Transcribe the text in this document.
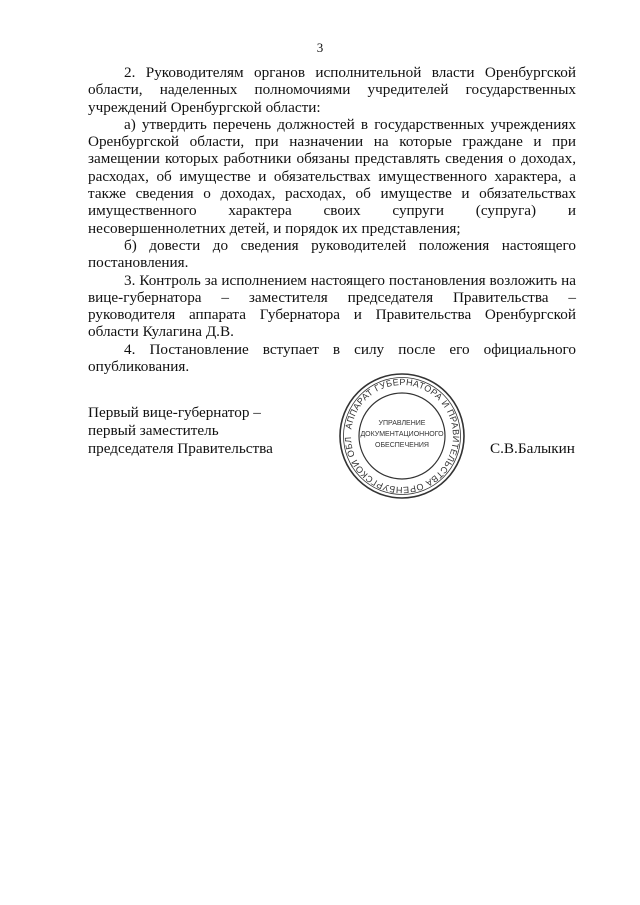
3

2. Руководителям органов исполнительной власти Оренбургской области, наделенных полномочиями учредителей государственных учреждений Оренбургской области:

а) утвердить перечень должностей в государственных учреждениях Оренбургской области, при назначении на которые граждане и при замещении которых работники обязаны представлять сведения о доходах, расходах, об имуществе и обязательствах имущественного характера, а также сведения о доходах, расходах, об имуществе и обязательствах имущественного характера своих супруги (супруга) и несовершеннолетних детей, и порядок их представления;

б) довести до сведения руководителей положения настоящего постановления.

3. Контроль за исполнением настоящего постановления возложить на вице-губернатора – заместителя председателя Правительства – руководителя аппарата Губернатора и Правительства Оренбургской области Кулагина Д.В.

4. Постановление вступает в силу после его официального опубликования.

Первый вице-губернатор –
первый заместитель
председателя Правительства
АППАРАТ ГУБЕРНАТОРА И ПРАВИТЕЛЬСТВА ОРЕНБУРГСКОЙ ОБЛ
УПРАВЛЕНИЕ
ДОКУМЕНТАЦИОННОГО
ОБЕСПЕЧЕНИЯ	С.В.Балыкин
